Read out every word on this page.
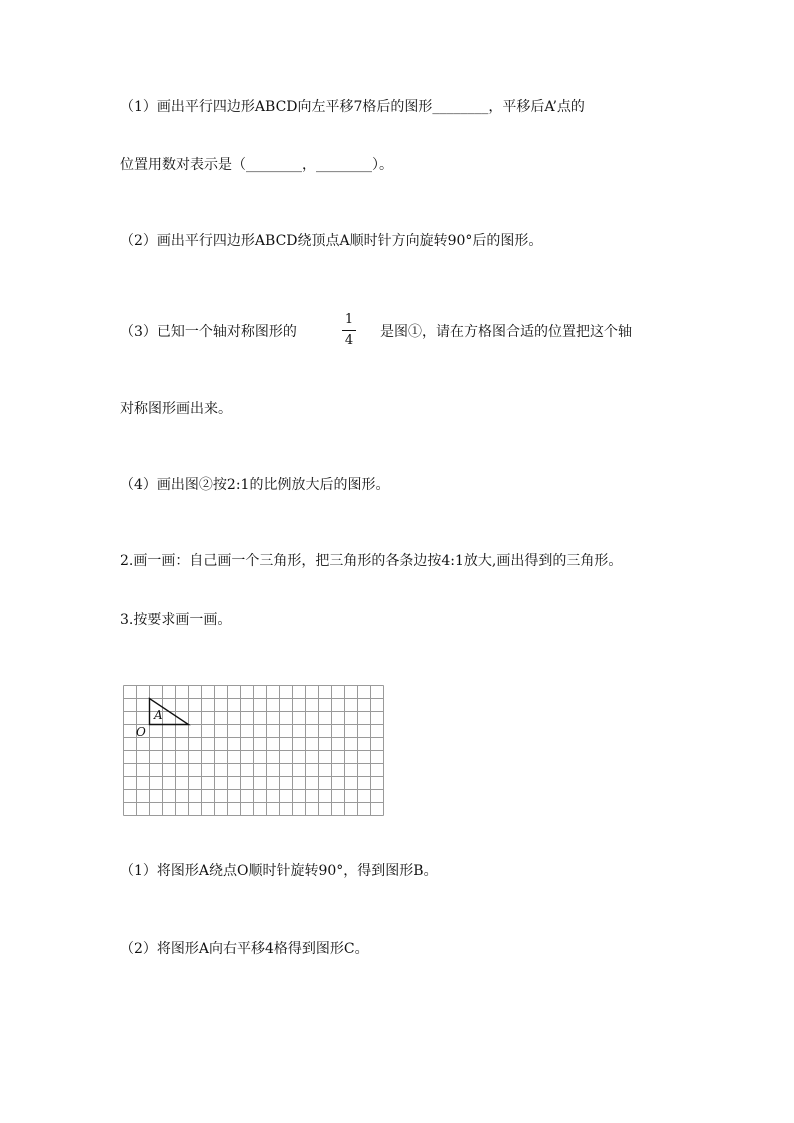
（1）画出平行四边形ABCD向左平移7格后的图形________，平移后A’点的
位置用数对表示是（________，________）。
（2）画出平行四边形ABCD绕顶点A顺时针方向旋转90°后的图形。
（3）已知一个轴对称图形的
1
4
是图①，请在方格图合适的位置把这个轴
对称图形画出来。
（4）画出图②按2:1的比例放大后的图形。
2.画一画：自己画一个三角形，把三角形的各条边按4:1放大,画出得到的三角形。
3.按要求画一画。
A
O
（1）将图形A绕点O顺时针旋转90°，得到图形B。
（2）将图形A向右平移4格得到图形C。
